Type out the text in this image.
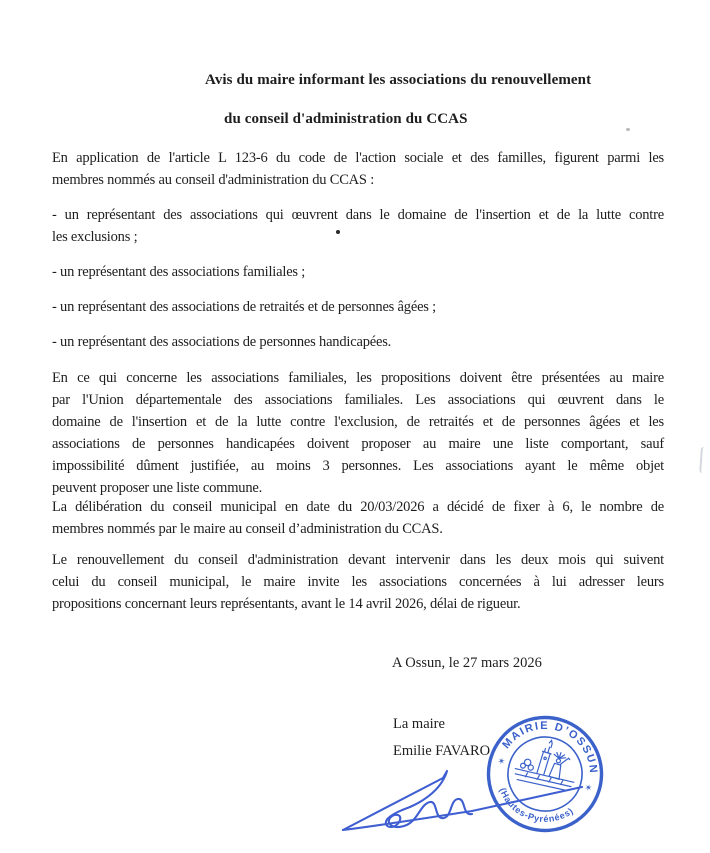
Avis du maire informant les associations du renouvellement
du conseil d'administration du CCAS
En application de l'article L 123-6 du code de l'action sociale et des familles, figurent parmi les
membres nommés au conseil d'administration du CCAS :
- un représentant des associations qui œuvrent dans le domaine de l'insertion et de la lutte contre
les exclusions ;
- un représentant des associations familiales ;
- un représentant des associations de retraités et de personnes âgées ;
- un représentant des associations de personnes handicapées.
En ce qui concerne les associations familiales, les propositions doivent être présentées au maire
par l'Union départementale des associations familiales. Les associations qui œuvrent dans le
domaine de l'insertion et de la lutte contre l'exclusion, de retraités et de personnes âgées et les
associations de personnes handicapées doivent proposer au maire une liste comportant, sauf
impossibilité dûment justifiée, au moins 3 personnes. Les associations ayant le même objet
peuvent proposer une liste commune.
La délibération du conseil municipal en date du 20/03/2026 a décidé de fixer à 6, le nombre de
membres nommés par le maire au conseil d’administration du CCAS.
Le renouvellement du conseil d'administration devant intervenir dans les deux mois qui suivent
celui du conseil municipal, le maire invite les associations concernées à lui adresser leurs
propositions concernant leurs représentants, avant le 14 avril 2026, délai de rigueur.
A Ossun, le 27 mars 2026
La maire
Emilie FAVARO MAIRIE D’OSSUN
(Hautes-Pyrénées)
✶
✶
